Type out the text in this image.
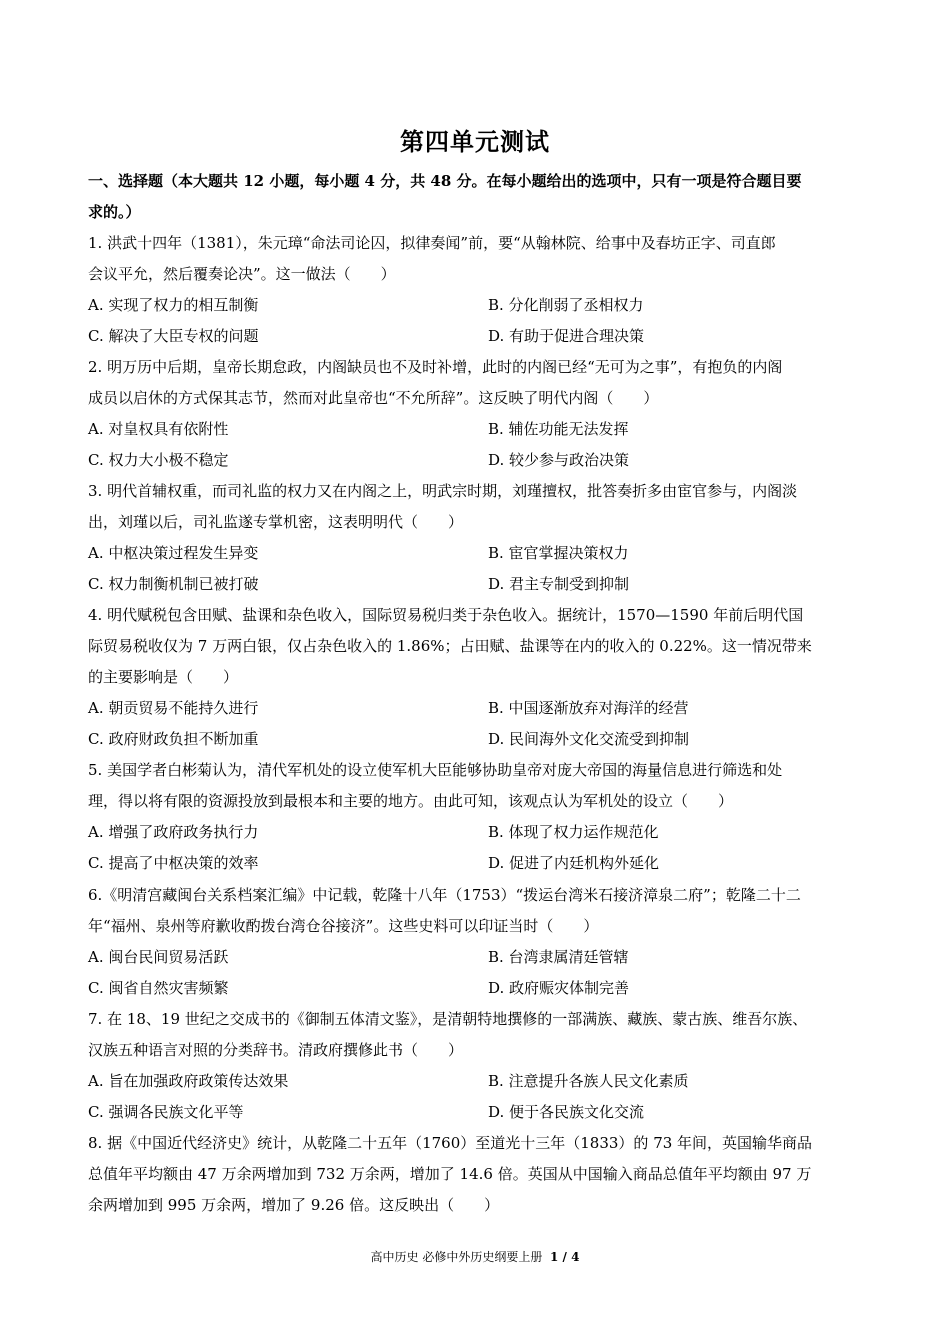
第四单元测试
一、选择题（本大题共 12 小题，每小题 4 分，共 48 分。在每小题给出的选项中，只有一项是符合题目要
求的。）
1. 洪武十四年（1381），朱元璋“命法司论囚，拟律奏闻”前，要“从翰林院、给事中及春坊正字、司直郎
会议平允，然后覆奏论决”。这一做法（　　）
A. 实现了权力的相互制衡	B. 分化削弱了丞相权力
C. 解决了大臣专权的问题	D. 有助于促进合理决策
2. 明万历中后期，皇帝长期怠政，内阁缺员也不及时补增，此时的内阁已经“无可为之事”，有抱负的内阁
成员以启休的方式保其志节，然而对此皇帝也“不允所辞”。这反映了明代内阁（　　）
A. 对皇权具有依附性	B. 辅佐功能无法发挥
C. 权力大小极不稳定	D. 较少参与政治决策
3. 明代首辅权重，而司礼监的权力又在内阁之上，明武宗时期，刘瑾擅权，批答奏折多由宦官参与，内阁淡
出，刘瑾以后，司礼监遂专掌机密，这表明明代（　　）
A. 中枢决策过程发生异变	B. 宦官掌握决策权力
C. 权力制衡机制已被打破	D. 君主专制受到抑制
4. 明代赋税包含田赋、盐课和杂色收入，国际贸易税归类于杂色收入。据统计，1570—1590 年前后明代国
际贸易税收仅为 7 万两白银，仅占杂色收入的 1.86%；占田赋、盐课等在内的收入的 0.22%。这一情况带来
的主要影响是（　　）
A. 朝贡贸易不能持久进行	B. 中国逐渐放弃对海洋的经营
C. 政府财政负担不断加重	D. 民间海外文化交流受到抑制
5. 美国学者白彬菊认为，清代军机处的设立使军机大臣能够协助皇帝对庞大帝国的海量信息进行筛选和处
理，得以将有限的资源投放到最根本和主要的地方。由此可知，该观点认为军机处的设立（　　）
A. 增强了政府政务执行力	B. 体现了权力运作规范化
C. 提高了中枢决策的效率	D. 促进了内廷机构外延化
6.《明清宫藏闽台关系档案汇编》中记载，乾隆十八年（1753）“拨运台湾米石接济漳泉二府”；乾隆二十二
年“福州、泉州等府歉收酌拨台湾仓谷接济”。这些史料可以印证当时（　　）
A. 闽台民间贸易活跃	B. 台湾隶属清廷管辖
C. 闽省自然灾害频繁	D. 政府赈灾体制完善
7. 在 18、19 世纪之交成书的《御制五体清文鉴》，是清朝特地撰修的一部满族、藏族、蒙古族、维吾尔族、
汉族五种语言对照的分类辞书。清政府撰修此书（　　）
A. 旨在加强政府政策传达效果	B. 注意提升各族人民文化素质
C. 强调各民族文化平等	D. 便于各民族文化交流
8. 据《中国近代经济史》统计，从乾隆二十五年（1760）至道光十三年（1833）的 73 年间，英国输华商品
总值年平均额由 47 万余两增加到 732 万余两，增加了 14.6 倍。英国从中国输入商品总值年平均额由 97 万
余两增加到 995 万余两，增加了 9.26 倍。这反映出（　　）
高中历史 必修中外历史纲要上册 1 / 4
